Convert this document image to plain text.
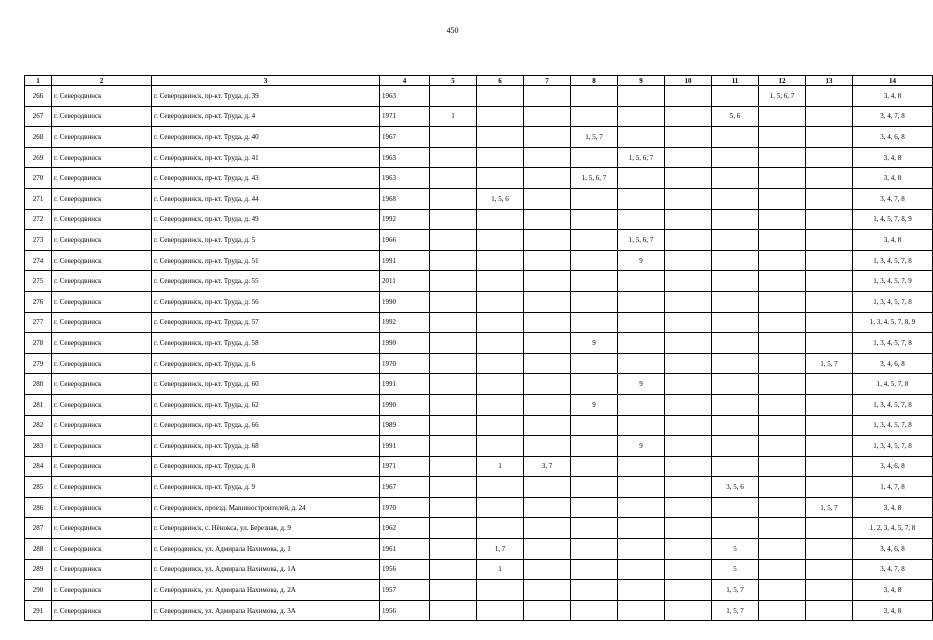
450
1	2	3	4	5	6	7	8	9	10	11	12	13	14
266	г. Северодвинск	г. Северодвинск, пр-кт. Труда, д. 39	1963								1, 5, 6, 7		3, 4, 8
267	г. Северодвинск	г. Северодвинск, пр-кт. Труда, д. 4	1971	1						5, 6			3, 4, 7, 8
268	г. Северодвинск	г. Северодвинск, пр-кт. Труда, д. 40	1967				1, 5, 7						3, 4, 6, 8
269	г. Северодвинск	г. Северодвинск, пр-кт. Труда, д. 41	1963					1, 5, 6, 7					3, 4, 8
270	г. Северодвинск	г. Северодвинск, пр-кт. Труда, д. 43	1963				1, 5, 6, 7						3, 4, 8
271	г. Северодвинск	г. Северодвинск, пр-кт. Труда, д. 44	1968		1, 5, 6								3, 4, 7, 8
272	г. Северодвинск	г. Северодвинск, пр-кт. Труда, д. 49	1992										1, 4, 5, 7, 8, 9
273	г. Северодвинск	г. Северодвинск, пр-кт. Труда, д. 5	1966					1, 5, 6, 7					3, 4, 8
274	г. Северодвинск	г. Северодвинск, пр-кт. Труда, д. 51	1991					9					1, 3, 4, 5, 7, 8
275	г. Северодвинск	г. Северодвинск, пр-кт. Труда, д. 55	2011										1, 3, 4, 5, 7, 9
276	г. Северодвинск	г. Северодвинск, пр-кт. Труда, д. 56	1990										1, 3, 4, 5, 7, 8
277	г. Северодвинск	г. Северодвинск, пр-кт. Труда, д. 57	1992										1, 3, 4, 5, 7, 8, 9
278	г. Северодвинск	г. Северодвинск, пр-кт. Труда, д. 58	1990				9						1, 3, 4, 5, 7, 8
279	г. Северодвинск	г. Северодвинск, пр-кт. Труда, д. 6	1970									1, 5, 7	3, 4, 6, 8
280	г. Северодвинск	г. Северодвинск, пр-кт. Труда, д. 60	1991					9					1, 4, 5, 7, 8
281	г. Северодвинск	г. Северодвинск, пр-кт. Труда, д. 62	1990				9						1, 3, 4, 5, 7, 8
282	г. Северодвинск	г. Северодвинск, пр-кт. Труда, д. 66	1989										1, 3, 4, 5, 7, 8
283	г. Северодвинск	г. Северодвинск, пр-кт. Труда, д. 68	1991					9					1, 3, 4, 5, 7, 8
284	г. Северодвинск	г. Северодвинск, пр-кт. Труда, д. 8	1971		1	3, 7							3, 4, 6, 8
285	г. Северодвинск	г. Северодвинск, пр-кт. Труда, д. 9	1967							3, 5, 6			1, 4, 7, 8
286	г. Северодвинск	г. Северодвинск, проезд. Машиностроителей, д. 24	1970									1, 5, 7	3, 4, 8
287	г. Северодвинск	г. Северодвинск, с. Нёнокса, ул. Березная, д. 9	1962										1, 2, 3, 4, 5, 7, 8
288	г. Северодвинск	г. Северодвинск, ул. Адмирала Нахимова, д. 1	1961		1, 7					5			3, 4, 6, 8
289	г. Северодвинск	г. Северодвинск, ул. Адмирала Нахимова, д. 1А	1956		1					5			3, 4, 7, 8
290	г. Северодвинск	г. Северодвинск, ул. Адмирала Нахимова, д. 2А	1957							1, 5, 7			3, 4, 8
291	г. Северодвинск	г. Северодвинск, ул. Адмирала Нахимова, д. 3А	1956							1, 5, 7			3, 4, 8
